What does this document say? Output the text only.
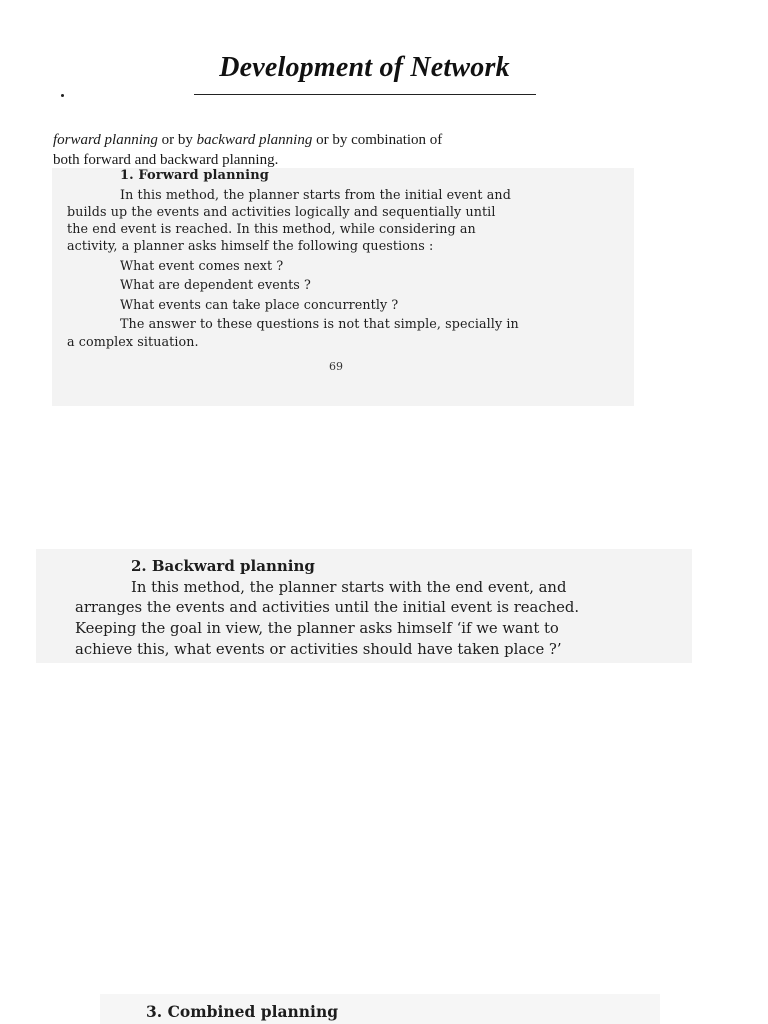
Development of Network
forward planning or by backward planning or by combination of
both forward and backward planning.
1. Forward planning
In this method, the planner starts from the initial event and
builds up the events and activities logically and sequentially until
the end event is reached. In this method, while considering an
activity, a planner asks himself the following questions :
What event comes next ?
What are dependent events ?
What events can take place concurrently ?
The answer to these questions is not that simple, specially in
a complex situation.
69
2. Backward planning
In this method, the planner starts with the end event, and
arranges the events and activities until the initial event is reached.
Keeping the goal in view, the planner asks himself ‘if we want to
achieve this, what events or activities should have taken place ?’
3. Combined planning
